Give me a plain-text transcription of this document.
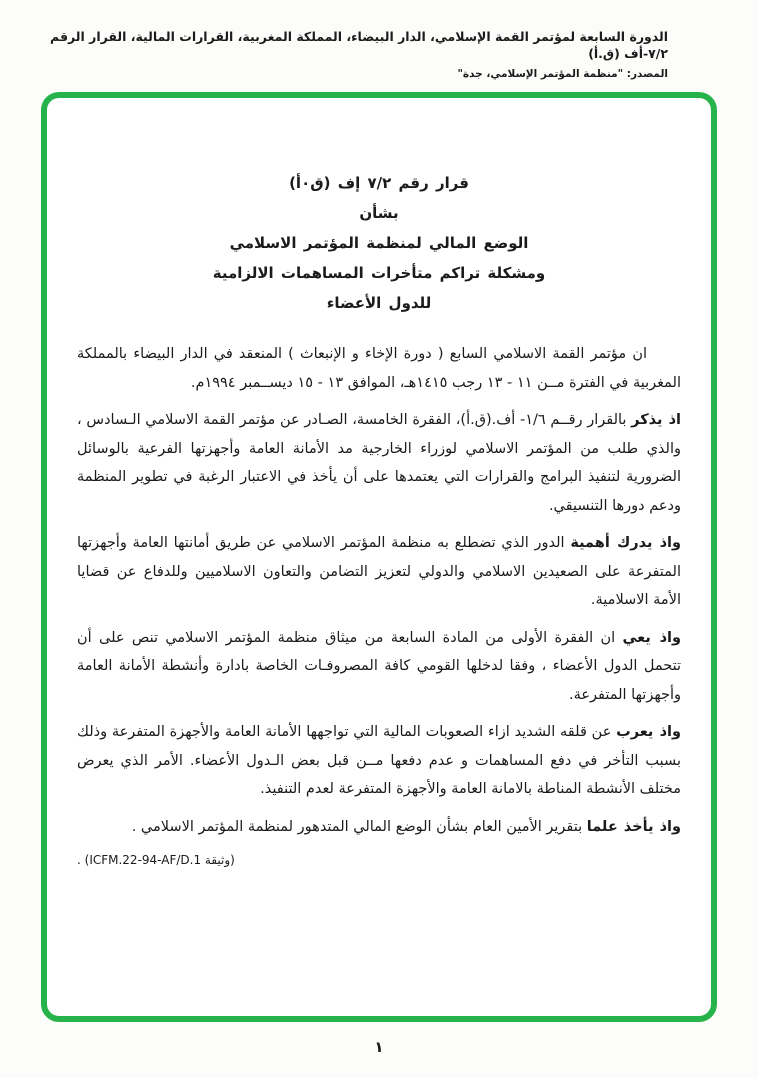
الدورة السابعة لمؤتمر القمة الإسلامي، الدار البيضاء، المملكة المغربية، القرارات المالية، القرار الرقم ٧/٢-أف (ق.أ)
المصدر: "منظمة المؤتمر الإسلامي، جدة"
قرار رقم ٧/٢ إف (ق٠أ)
بشأن
الوضع المالي لمنظمة المؤتمر الاسلامي
ومشكلة تراكم متأخرات المساهمات الالزامية
للدول الأعضاء

ان مؤتمر القمة الاسلامي السابع ( دورة الإخاء و الإنبعاث ) المنعقد في الدار البيضاء بالمملكة المغربية في الفترة مــن ١١ - ١٣ رجب ١٤١٥هـ، الموافق ١٣ - ١٥ ديســمبر ١٩٩٤م.

اذ يذكر بالقرار رقــم ١/٦- أف.(ق.أ)، الفقرة الخامسة، الصـادر عن مؤتمر القمة الاسلامي الـسادس ، والذي طلب من المؤتمر الاسلامي لوزراء الخارجية مد الأمانة العامة وأجهزتها الفرعية بالوسائل الضرورية لتنفيذ البرامج والقرارات التي يعتمدها على أن يأخذ في الاعتبار الرغبة في تطوير المنظمة ودعم دورها التنسيقي.

واذ يدرك أهمية الدور الذي تضطلع به منظمة المؤتمر الاسلامي عن طريق أمانتها العامة وأجهزتها المتفرعة على الصعيدين الاسلامي والدولي لتعزيز التضامن والتعاون الاسلاميين وللدفاع عن قضايا الأمة الاسلامية.

واذ يعي ان الفقرة الأولى من المادة السابعة من ميثاق منظمة المؤتمر الاسلامي تنص على أن تتحمل الدول الأعضاء ، وفقا لدخلها القومي كافة المصروفـات الخاصة بادارة وأنشطة الأمانة العامة وأجهزتها المتفرعة.

واذ يعرب عن قلقه الشديد ازاء الصعوبات المالية التي تواجهها الأمانة العامة والأجهزة المتفرعة وذلك بسبب التأخر في دفع المساهمات و عدم دفعها مــن قبل بعض الـدول الأعضاء. الأمر الذي يعرض مختلف الأنشطة المناطة بالامانة العامة والأجهزة المتفرعة لعدم التنفيذ.

واذ يأخذ علما بتقرير الأمين العام بشأن الوضع المالي المتدهور لمنظمة المؤتمر الاسلامي .

(وثيقة ICFM.22-94-AF/D.1) .
١
